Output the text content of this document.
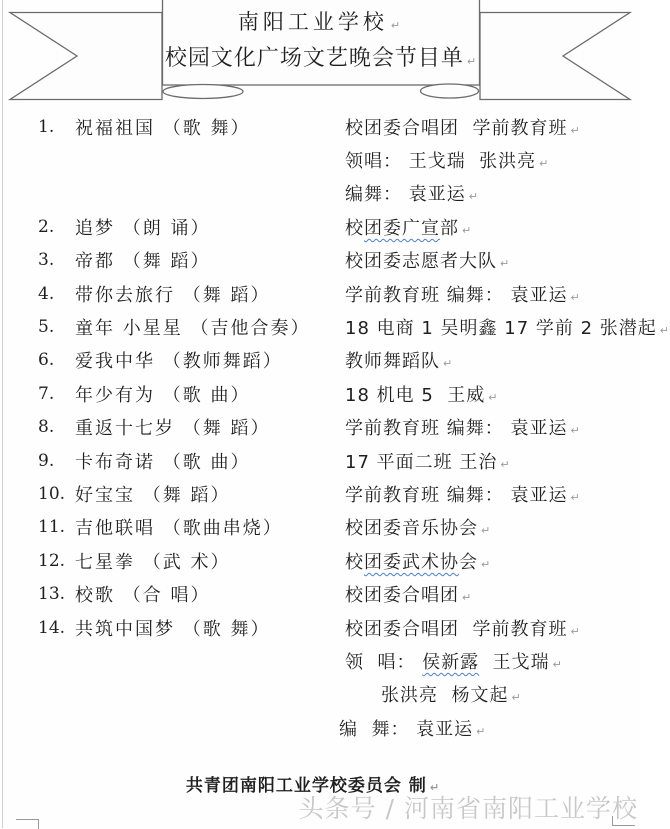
南阳工业学校 ↵
校园文化广场文艺晚会节目单 ↵
1.	祝福祖国 （歌 舞）	校团委合唱团  学前教育班 ↵
领唱： 王戈瑞  张洪亮 ↵
编舞： 袁亚运 ↵
2.	追梦 （朗 诵）	校团委广宣部 ↵
3.	帝都 （舞 蹈）	校团委志愿者大队 ↵
4.	带你去旅行 （舞 蹈）	学前教育班 编舞： 袁亚运 ↵
5.	童年 小星星 （吉他合奏）	18 电商 1 吴明鑫 17 学前 2 张潜起 ↵
6.	爱我中华 （教师舞蹈）	教师舞蹈队 ↵
7.	年少有为 （歌 曲）	18 机电 5  王威 ↵
8.	重返十七岁 （舞 蹈）	学前教育班 编舞： 袁亚运 ↵
9.	卡布奇诺 （歌 曲）	17 平面二班 王治 ↵
10. 好宝宝 （舞 蹈）	学前教育班 编舞： 袁亚运 ↵
11. 吉他联唱 （歌曲串烧）	校团委音乐协会 ↵
12. 七星拳 （武 术）	校团委武术协会 ↵
13. 校歌 （合 唱）	校团委合唱团 ↵
14. 共筑中国梦 （歌 舞）	校团委合唱团  学前教育班 ↵
领  唱： 侯新露  王戈瑞 ↵
张洪亮  杨文起 ↵
编  舞： 袁亚运 ↵
共青团南阳工业学校委员会 制 ↵
头条号 / 河南省南阳工业学校
